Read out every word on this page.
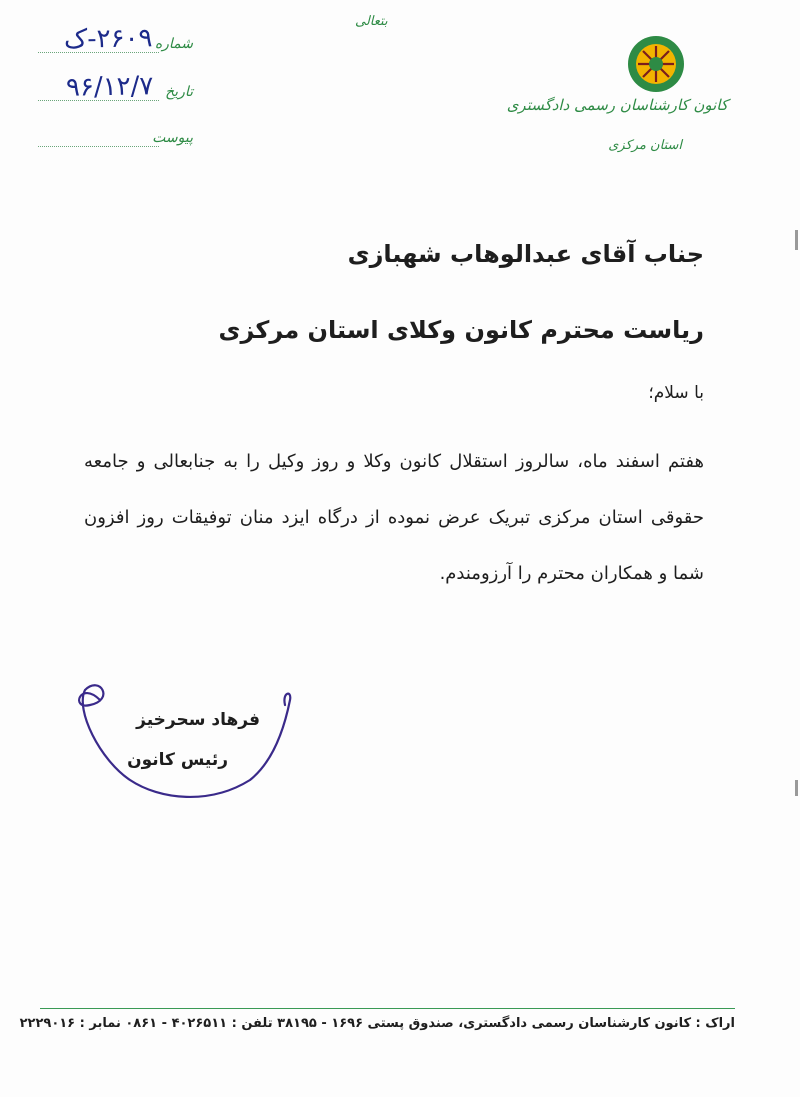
بتعالی
شماره
۲۶۰۹-ک
تاریخ
۹۶/۱۲/۷
پیوست
کانون کارشناسان رسمی دادگستری
استان مرکزی
جناب آقای عبدالوهاب شهبازی
ریاست محترم کانون وکلای استان مرکزی
با سلام؛
هفتم اسفند ماه، سالروز استقلال کانون وکلا و روز وکیل را به جنابعالی و جامعه حقوقی استان مرکزی تبریک عرض نموده از درگاه ایزد منان توفیقات روز افزون شما و همکاران محترم را آرزومندم.
فرهاد سحرخیز
رئیس کانون
اراک : کانون کارشناسان رسمی دادگستری، صندوق پستی ۱۶۹۶ - ۳۸۱۹۵ تلفن : ۴۰۲۶۵۱۱ - ۰۸۶۱ نمابر : ۲۲۲۹۰۱۶
